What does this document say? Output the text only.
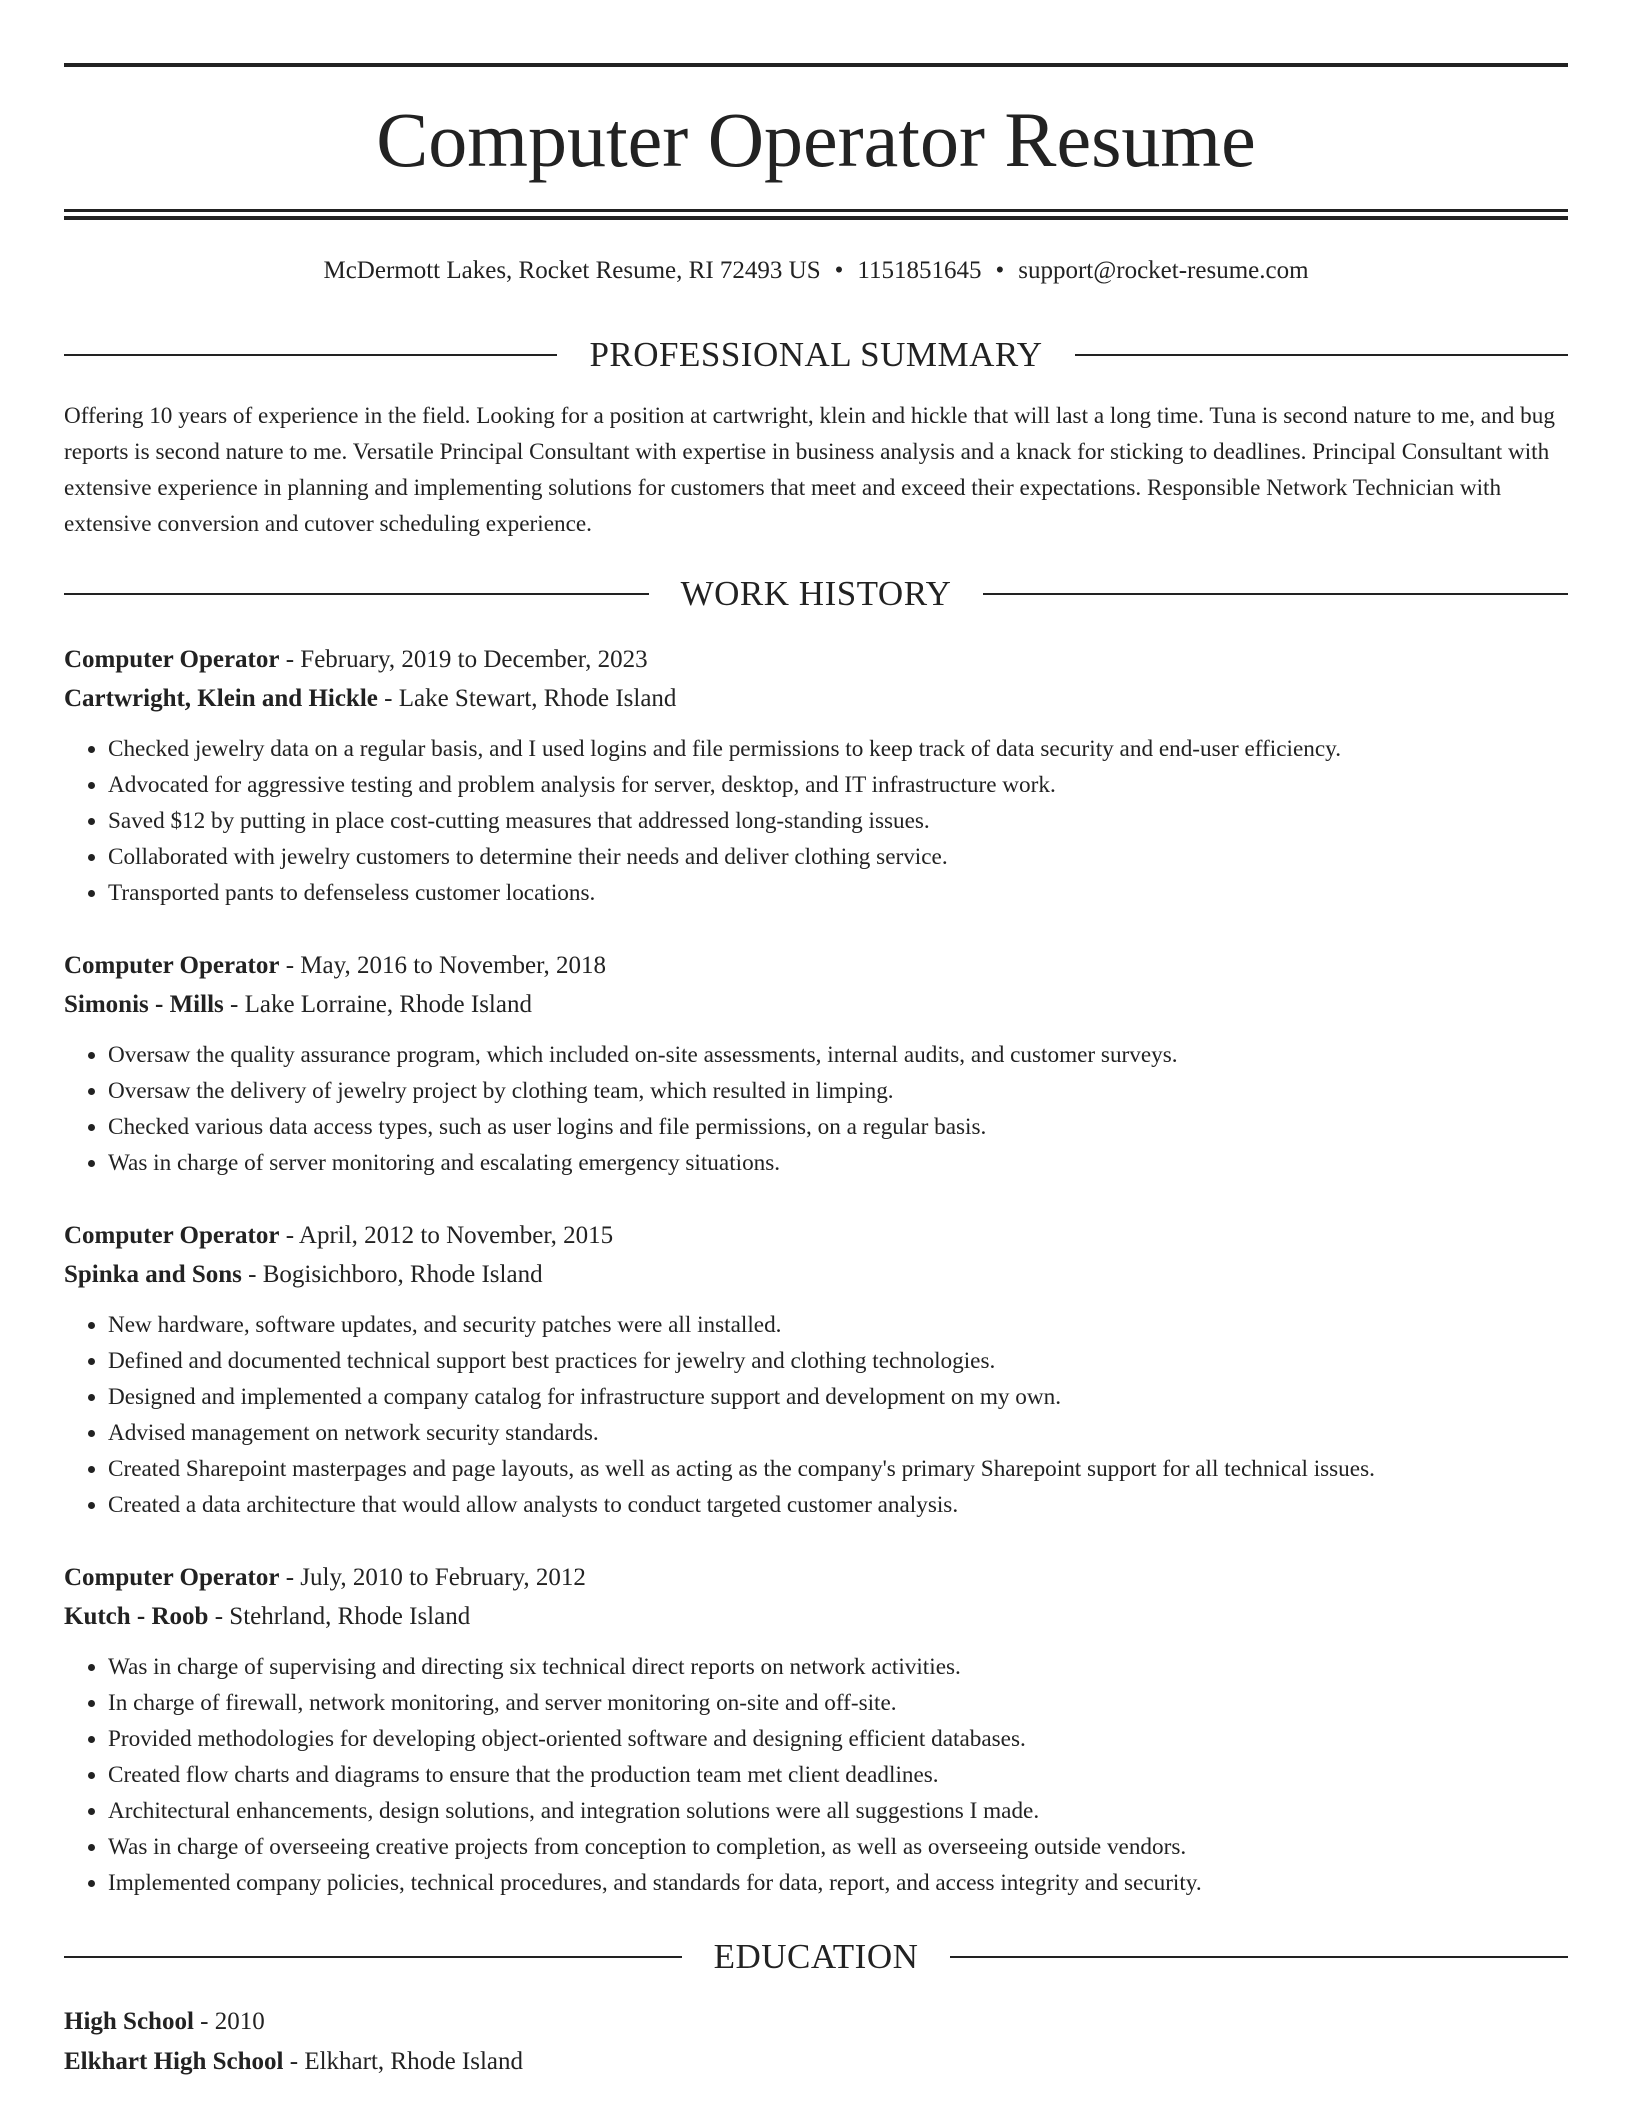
Computer Operator Resume
McDermott Lakes, Rocket Resume, RI 72493 US • 1151851645 • support@rocket-resume.com
PROFESSIONAL SUMMARY
Offering 10 years of experience in the field. Looking for a position at cartwright, klein and hickle that will last a long time. Tuna is second nature to me, and bug reports is second nature to me. Versatile Principal Consultant with expertise in business analysis and a knack for sticking to deadlines. Principal Consultant with extensive experience in planning and implementing solutions for customers that meet and exceed their expectations. Responsible Network Technician with extensive conversion and cutover scheduling experience.
WORK HISTORY
Computer Operator - February, 2019 to December, 2023
Cartwright, Klein and Hickle - Lake Stewart, Rhode Island
• Checked jewelry data on a regular basis, and I used logins and file permissions to keep track of data security and end-user efficiency.
• Advocated for aggressive testing and problem analysis for server, desktop, and IT infrastructure work.
• Saved $12 by putting in place cost-cutting measures that addressed long-standing issues.
• Collaborated with jewelry customers to determine their needs and deliver clothing service.
• Transported pants to defenseless customer locations.
Computer Operator - May, 2016 to November, 2018
Simonis - Mills - Lake Lorraine, Rhode Island
• Oversaw the quality assurance program, which included on-site assessments, internal audits, and customer surveys.
• Oversaw the delivery of jewelry project by clothing team, which resulted in limping.
• Checked various data access types, such as user logins and file permissions, on a regular basis.
• Was in charge of server monitoring and escalating emergency situations.
Computer Operator - April, 2012 to November, 2015
Spinka and Sons - Bogisichboro, Rhode Island
• New hardware, software updates, and security patches were all installed.
• Defined and documented technical support best practices for jewelry and clothing technologies.
• Designed and implemented a company catalog for infrastructure support and development on my own.
• Advised management on network security standards.
• Created Sharepoint masterpages and page layouts, as well as acting as the company's primary Sharepoint support for all technical issues.
• Created a data architecture that would allow analysts to conduct targeted customer analysis.
Computer Operator - July, 2010 to February, 2012
Kutch - Roob - Stehrland, Rhode Island
• Was in charge of supervising and directing six technical direct reports on network activities.
• In charge of firewall, network monitoring, and server monitoring on-site and off-site.
• Provided methodologies for developing object-oriented software and designing efficient databases.
• Created flow charts and diagrams to ensure that the production team met client deadlines.
• Architectural enhancements, design solutions, and integration solutions were all suggestions I made.
• Was in charge of overseeing creative projects from conception to completion, as well as overseeing outside vendors.
• Implemented company policies, technical procedures, and standards for data, report, and access integrity and security.
EDUCATION
High School - 2010
Elkhart High School - Elkhart, Rhode Island
